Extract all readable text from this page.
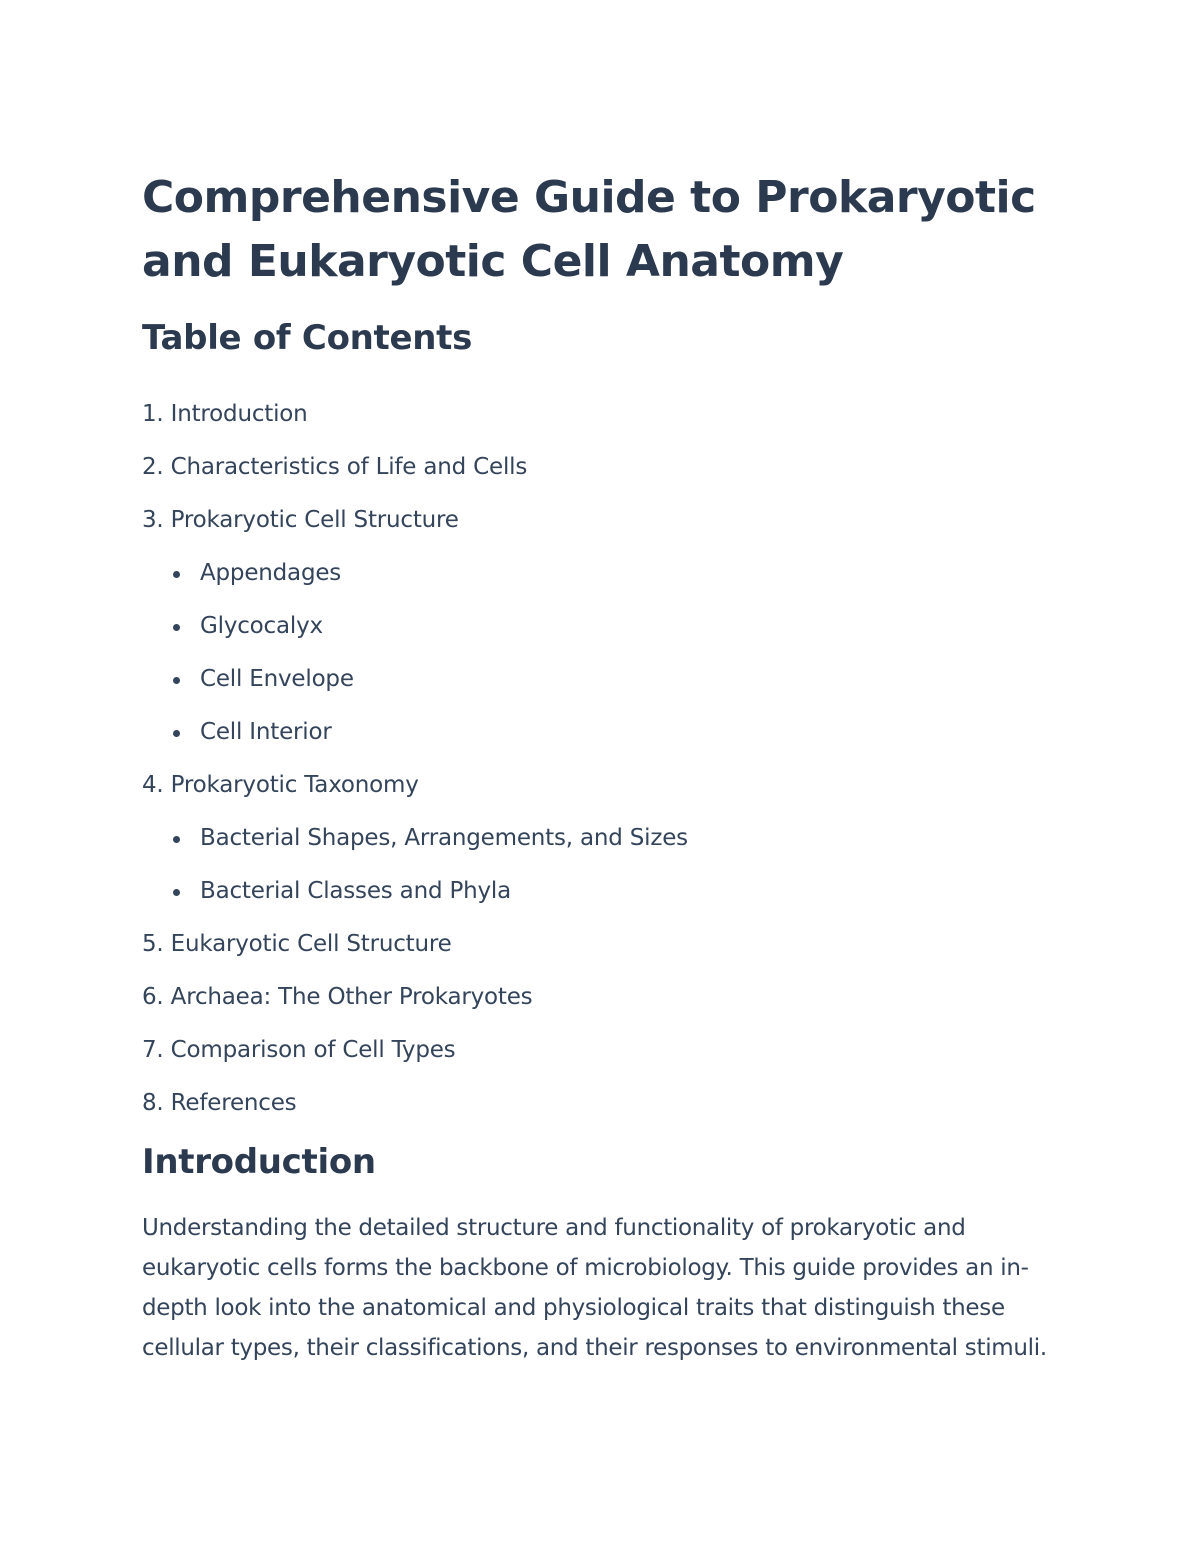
Comprehensive Guide to Prokaryotic and Eukaryotic Cell Anatomy
Table of Contents
1. Introduction
2. Characteristics of Life and Cells
3. Prokaryotic Cell Structure
Appendages
Glycocalyx
Cell Envelope
Cell Interior
4. Prokaryotic Taxonomy
Bacterial Shapes, Arrangements, and Sizes
Bacterial Classes and Phyla
5. Eukaryotic Cell Structure
6. Archaea: The Other Prokaryotes
7. Comparison of Cell Types
8. References
Introduction

Understanding the detailed structure and functionality of prokaryotic and eukaryotic cells forms the backbone of microbiology. This guide provides an in-depth look into the anatomical and physiological traits that distinguish these cellular types, their classifications, and their responses to environmental stimuli.
